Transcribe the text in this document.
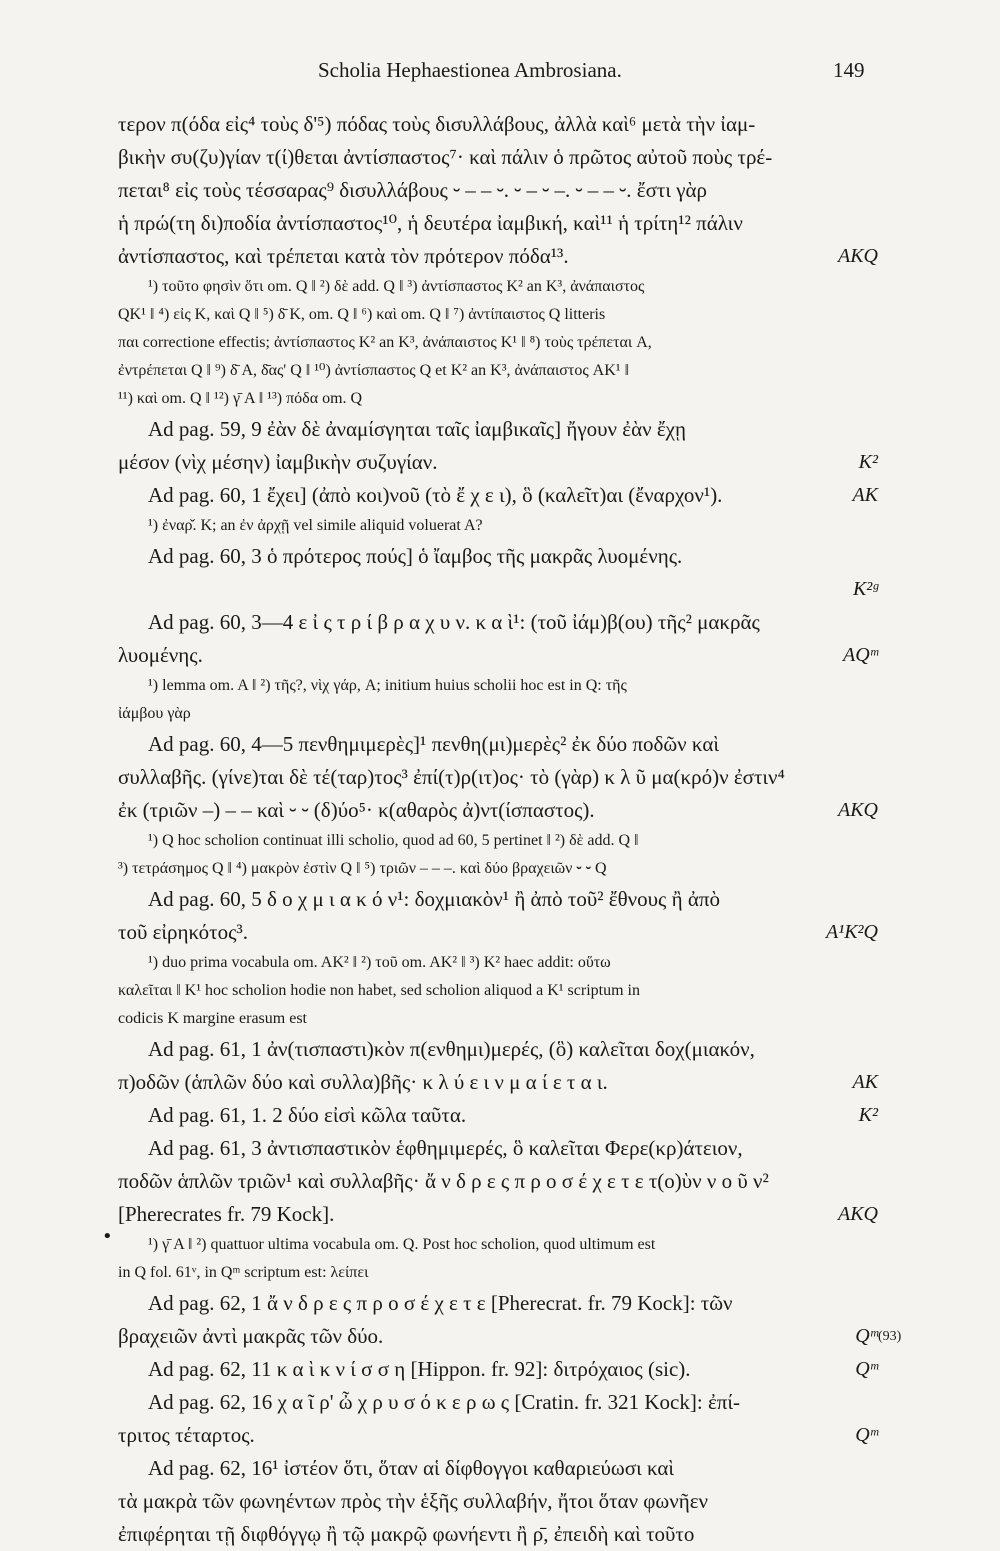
Scholia Hephaestionea Ambrosiana.	149
τερον π(όδα εἰς⁴ τοὺς δ'⁵) πόδας τοὺς δισυλλάβους, ἀλλὰ καὶ⁶ μετὰ τὴν ἰαμ-
βικὴν συ(ζυ)γίαν τ(ί)θεται ἀντίσπαστος⁷· καὶ πάλιν ὁ πρῶτος αὐτοῦ ποὺς τρέ-
πεται⁸ εἰς τοὺς τέσσαρας⁹ δισυλλάβους ⏑ – – ⏑. ⏑ – ⏑ –. ⏑ – – ⏑. ἔστι γὰρ
ἡ πρώ(τη δι)ποδία ἀντίσπαστος¹⁰, ἡ δευτέρα ἰαμβική, καὶ¹¹ ἡ τρίτη¹² πάλιν
ἀντίσπαστος, καὶ τρέπεται κατὰ τὸν πρότερον πόδα¹³.	AKQ
¹) τοῦτο φησὶν ὅτι om. Q ‖ ²) δὲ add. Q ‖ ³) ἀντίσπαστος K² an K³, ἀνάπαιστος
QK¹ ‖ ⁴) εἰς K, καὶ Q ‖ ⁵) δ̄ K, om. Q ‖ ⁶) καὶ om. Q ‖ ⁷) ἀντίπαιστος Q litteris
παι correctione effectis; ἀντίσπαστος K² an K³, ἀνάπαιστος K¹ ‖ ⁸) τοὺς τρέπεται A,
ἐντρέπεται Q ‖ ⁹) δ̄ A, δ̄ας' Q ‖ ¹⁰) ἀντίσπαστος Q et K² an K³, ἀνάπαιστος AK¹ ‖
¹¹) καὶ om. Q ‖ ¹²) γ̄ A ‖ ¹³) πόδα om. Q
Ad pag. 59, 9 ἐὰν δὲ ἀναμίσγηται ταῖς ἰαμβικαῖς] ἤγουν ἐὰν ἔχῃ
μέσον (νὶχ μέσην) ἰαμβικὴν συζυγίαν.	K²
Ad pag. 60, 1 ἔχει] (ἀπὸ κοι)νοῦ (τὸ ἔ χ ε ι), ὃ (καλεῖτ)αι (ἔναρχον¹).	AK
¹) ἐναρ̌. K; an ἐν ἀρχῇ vel simile aliquid voluerat A?
Ad pag. 60, 3 ὁ πρότερος πούς] ὁ ἴαμβος τῆς μακρᾶς λυομένης.
K²ᵍ
Ad pag. 60, 3—4 ε ἰ ς τ ρ ί β ρ α χ υ ν. κ α ὶ¹: (τοῦ ἰάμ)β(ου) τῆς² μακρᾶς
λυομένης.	AQᵐ
¹) lemma om. A ‖ ²) τῆς?, νὶχ γάρ, A; initium huius scholii hoc est in Q: τῆς
ἰάμβου γὰρ
Ad pag. 60, 4—5 πενθημιμερὲς]¹ πενθη(μι)μερὲς² ἐκ δύο ποδῶν καὶ
συλλαβῆς. (γίνε)ται δὲ τέ(ταρ)τος³ ἐπί(τ)ρ(ιτ)ος· τὸ (γὰρ) κ λ ῦ μα(κρό)ν ἐστιν⁴
ἐκ (τριῶν –) – – καὶ ⏑ ⏑ (δ)ύο⁵· κ(αθαρὸς ἀ)ντ(ίσπαστος).	AKQ
¹) Q hoc scholion continuat illi scholio, quod ad 60, 5 pertinet ‖ ²) δὲ add. Q ‖
³) τετράσημος Q ‖ ⁴) μακρὸν ἐστὶν Q ‖ ⁵) τριῶν – – –. καὶ δύο βραχειῶν ⏑ ⏑ Q
Ad pag. 60, 5 δ ο χ μ ι α κ ό ν¹: δοχμιακὸν¹ ἢ ἀπὸ τοῦ² ἔθνους ἢ ἀπὸ
τοῦ εἰρηκότος³.	A¹K²Q
¹) duo prima vocabula om. AK² ‖ ²) τοῦ om. AK² ‖ ³) K² haec addit: οὕτω
καλεῖται ‖ K¹ hoc scholion hodie non habet, sed scholion aliquod a K¹ scriptum in
codicis K margine erasum est
Ad pag. 61, 1 ἀν(τισπαστι)κὸν π(ενθημι)μερές, (ὃ) καλεῖται δοχ(μιακόν,
π)οδῶν (ἁπλῶν δύο καὶ συλλα)βῆς· κ λ ύ ε ι ν μ α ί ε τ α ι.	AK
Ad pag. 61, 1. 2 δύο εἰσὶ κῶλα ταῦτα.	K²
Ad pag. 61, 3 ἀντισπαστικὸν ἑφθημιμερές, ὃ καλεῖται Φερε(κρ)άτειον,
ποδῶν ἁπλῶν τριῶν¹ καὶ συλλαβῆς· ἄ ν δ ρ ε ς π ρ ο σ έ χ ε τ ε τ(ο)ὺν ν ο ῦ ν²
[Pherecrates fr. 79 Kock].	AKQ
¹) γ̄ A ‖ ²) quattuor ultima vocabula om. Q. Post hoc scholion, quod ultimum est
in Q fol. 61ᵛ, in Qᵐ scriptum est: λείπει
Ad pag. 62, 1 ἄ ν δ ρ ε ς π ρ ο σ έ χ ε τ ε [Pherecrat. fr. 79 Kock]: τῶν
βραχειῶν ἀντὶ μακρᾶς τῶν δύο.	Qᵐ
Ad pag. 62, 11 κ α ὶ κ ν ί σ σ η [Hippon. fr. 92]: διτρόχαιος (sic).	Qᵐ
Ad pag. 62, 16 χ α ῖ ρ' ὦ χ ρ υ σ ό κ ε ρ ω ς [Cratin. fr. 321 Kock]: ἐπί-
τριτος τέταρτος.	Qᵐ
Ad pag. 62, 16¹ ἰστέον ὅτι, ὅταν αἱ δίφθογγοι καθαριεύωσι καὶ
τὰ μακρὰ τῶν φωνηέντων πρὸς τὴν ἑξῆς συλλαβήν, ἤτοι ὅταν φωνῆεν
ἐπιφέρηται τῇ διφθόγγῳ ἢ τῷ μακρῷ φωνήεντι ἢ ρ̄, ἐπειδὴ καὶ τοῦτο
(93)
•
